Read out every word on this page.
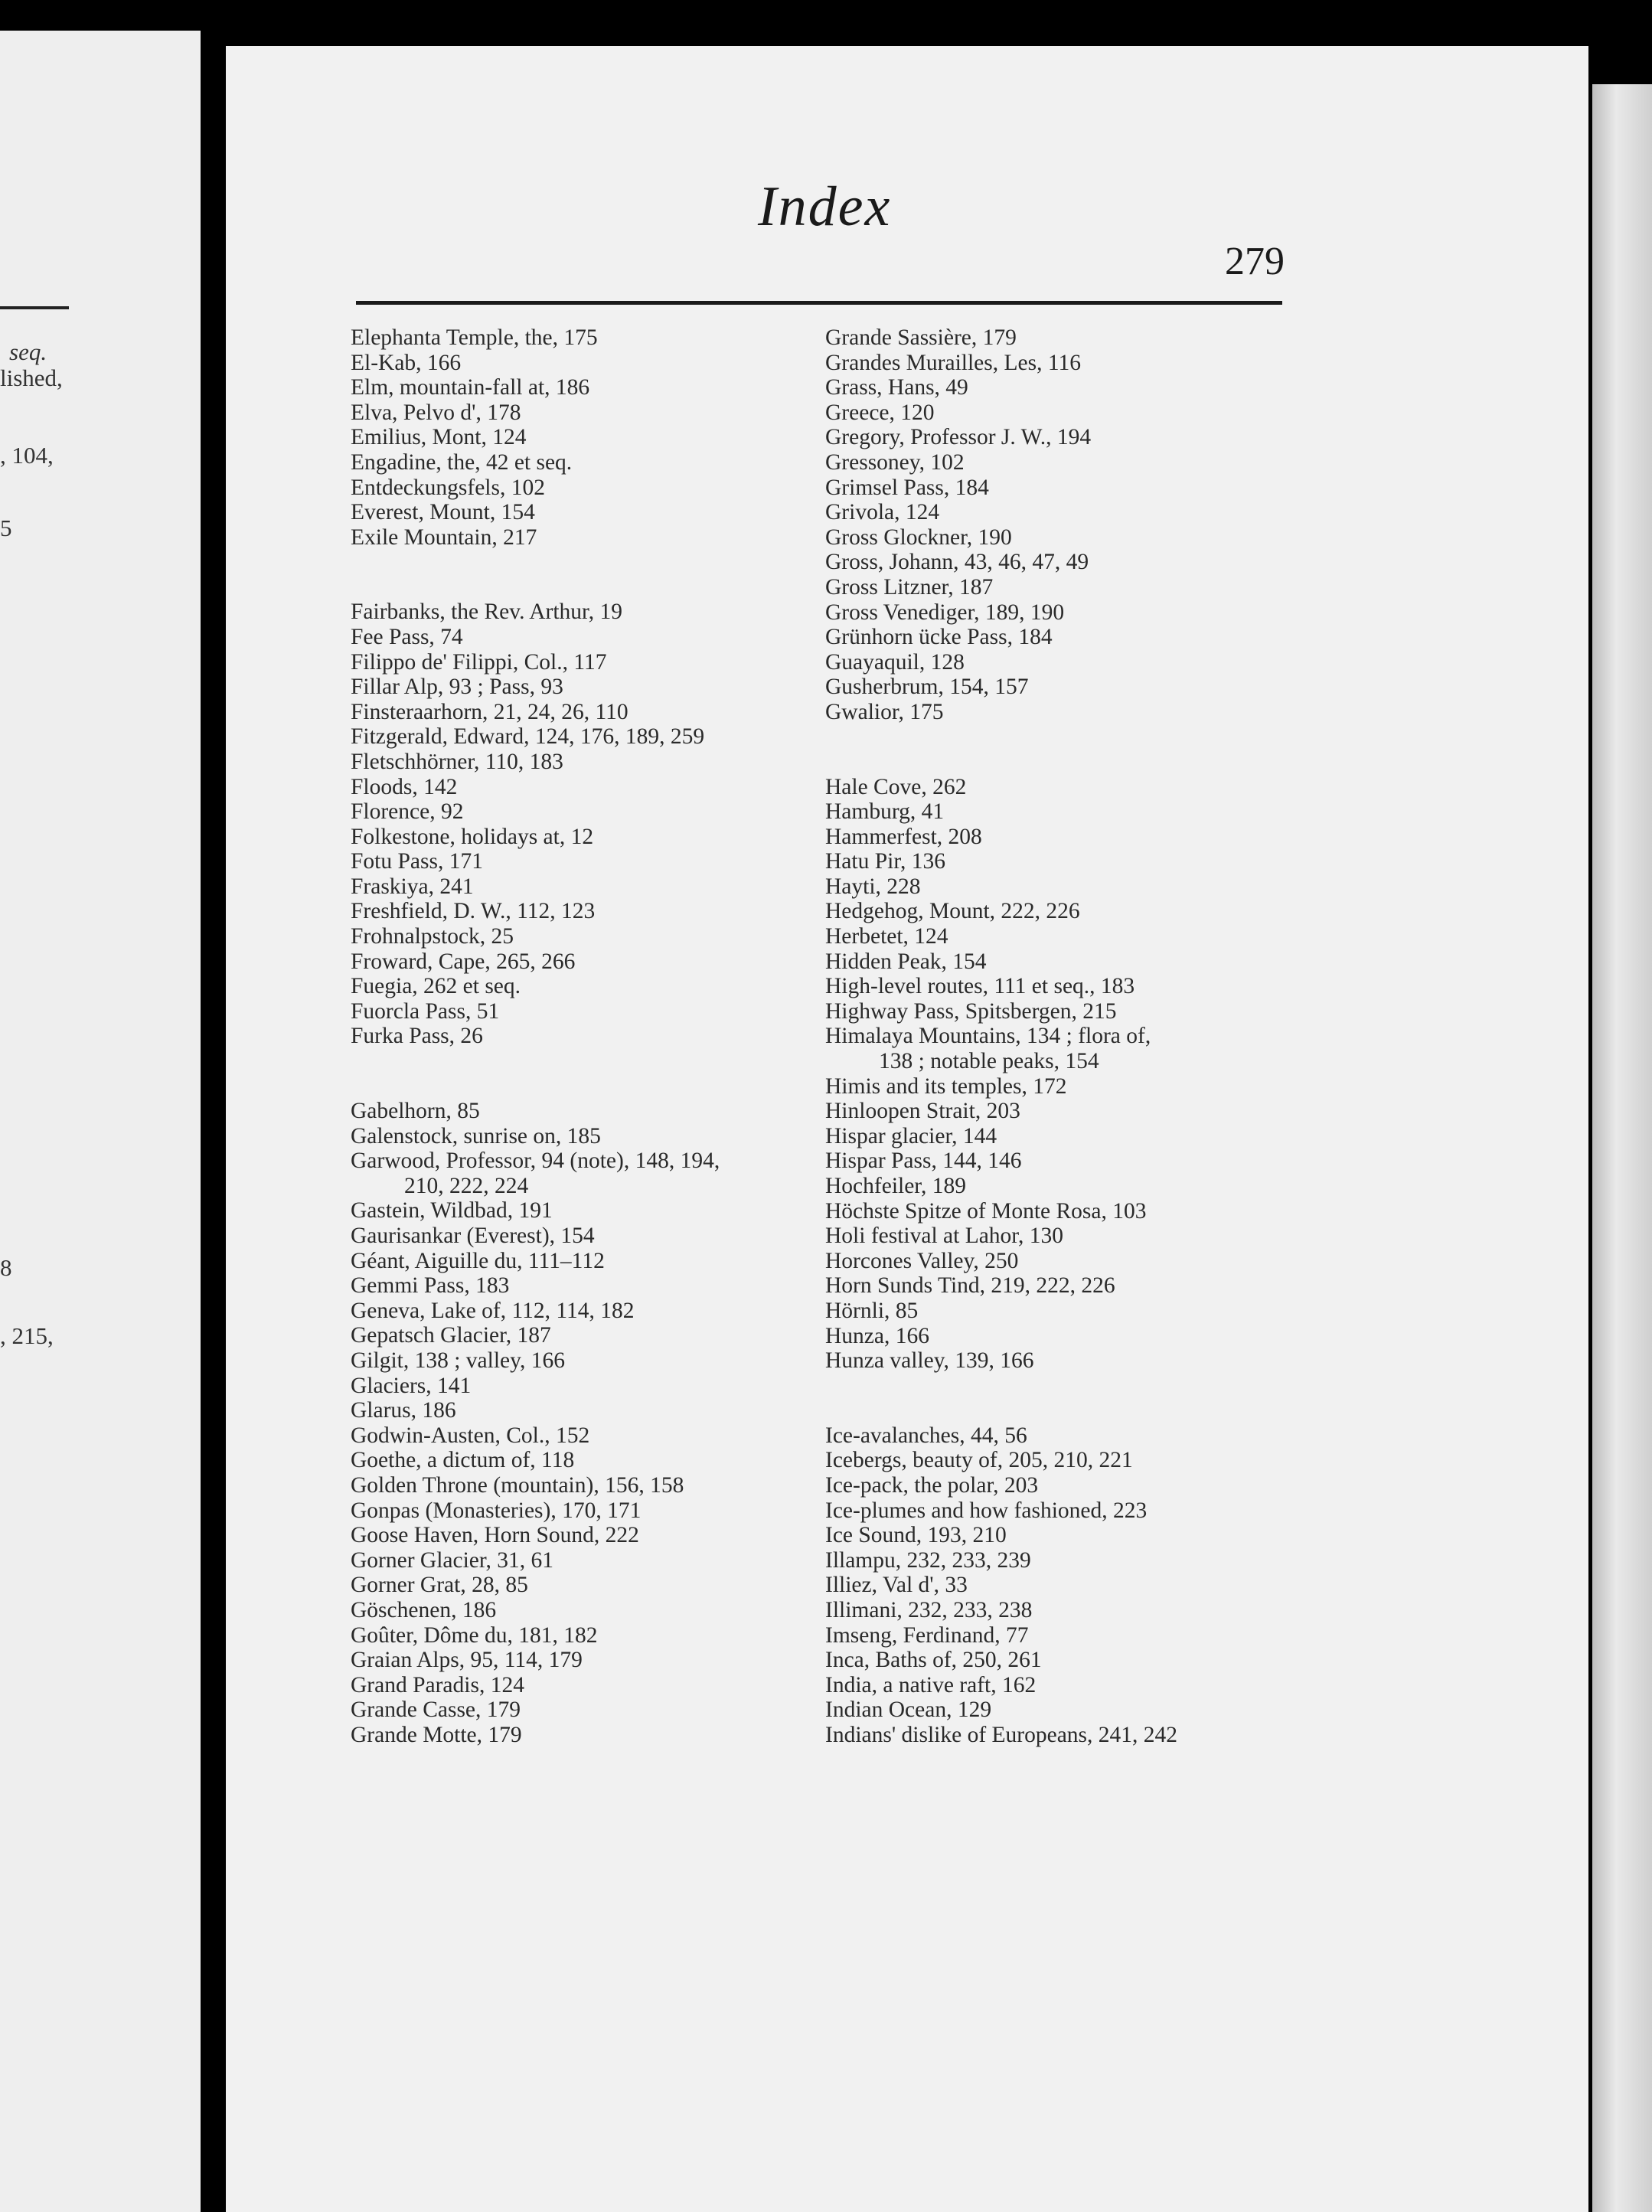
seq.
lished,
, 104,
5
8
, 215,
Index
279
Elephanta Temple, the, 175
El-Kab, 166
Elm, mountain-fall at, 186
Elva, Pelvo d', 178
Emilius, Mont, 124
Engadine, the, 42 et seq.
Entdeckungsfels, 102
Everest, Mount, 154
Exile Mountain, 217
Fairbanks, the Rev. Arthur, 19
Fee Pass, 74
Filippo de' Filippi, Col., 117
Fillar Alp, 93 ; Pass, 93
Finsteraarhorn, 21, 24, 26, 110
Fitzgerald, Edward, 124, 176, 189, 259
Fletschhörner, 110, 183
Floods, 142
Florence, 92
Folkestone, holidays at, 12
Fotu Pass, 171
Fraskiya, 241
Freshfield, D. W., 112, 123
Frohnalpstock, 25
Froward, Cape, 265, 266
Fuegia, 262 et seq.
Fuorcla Pass, 51
Furka Pass, 26
Gabelhorn, 85
Galenstock, sunrise on, 185
Garwood, Professor, 94 (note), 148, 194,
210, 222, 224
Gastein, Wildbad, 191
Gaurisankar (Everest), 154
Géant, Aiguille du, 111–112
Gemmi Pass, 183
Geneva, Lake of, 112, 114, 182
Gepatsch Glacier, 187
Gilgit, 138 ; valley, 166
Glaciers, 141
Glarus, 186
Godwin-Austen, Col., 152
Goethe, a dictum of, 118
Golden Throne (mountain), 156, 158
Gonpas (Monasteries), 170, 171
Goose Haven, Horn Sound, 222
Gorner Glacier, 31, 61
Gorner Grat, 28, 85
Göschenen, 186
Goûter, Dôme du, 181, 182
Graian Alps, 95, 114, 179
Grand Paradis, 124
Grande Casse, 179
Grande Motte, 179
Grande Sassière, 179
Grandes Murailles, Les, 116
Grass, Hans, 49
Greece, 120
Gregory, Professor J. W., 194
Gressoney, 102
Grimsel Pass, 184
Grivola, 124
Gross Glockner, 190
Gross, Johann, 43, 46, 47, 49
Gross Litzner, 187
Gross Venediger, 189, 190
Grünhorn ücke Pass, 184
Guayaquil, 128
Gusherbrum, 154, 157
Gwalior, 175
Hale Cove, 262
Hamburg, 41
Hammerfest, 208
Hatu Pir, 136
Hayti, 228
Hedgehog, Mount, 222, 226
Herbetet, 124
Hidden Peak, 154
High-level routes, 111 et seq., 183
Highway Pass, Spitsbergen, 215
Himalaya Mountains, 134 ; flora of,
138 ; notable peaks, 154
Himis and its temples, 172
Hinloopen Strait, 203
Hispar glacier, 144
Hispar Pass, 144, 146
Hochfeiler, 189
Höchste Spitze of Monte Rosa, 103
Holi festival at Lahor, 130
Horcones Valley, 250
Horn Sunds Tind, 219, 222, 226
Hörnli, 85
Hunza, 166
Hunza valley, 139, 166
Ice-avalanches, 44, 56
Icebergs, beauty of, 205, 210, 221
Ice-pack, the polar, 203
Ice-plumes and how fashioned, 223
Ice Sound, 193, 210
Illampu, 232, 233, 239
Illiez, Val d', 33
Illimani, 232, 233, 238
Imseng, Ferdinand, 77
Inca, Baths of, 250, 261
India, a native raft, 162
Indian Ocean, 129
Indians' dislike of Europeans, 241, 242
